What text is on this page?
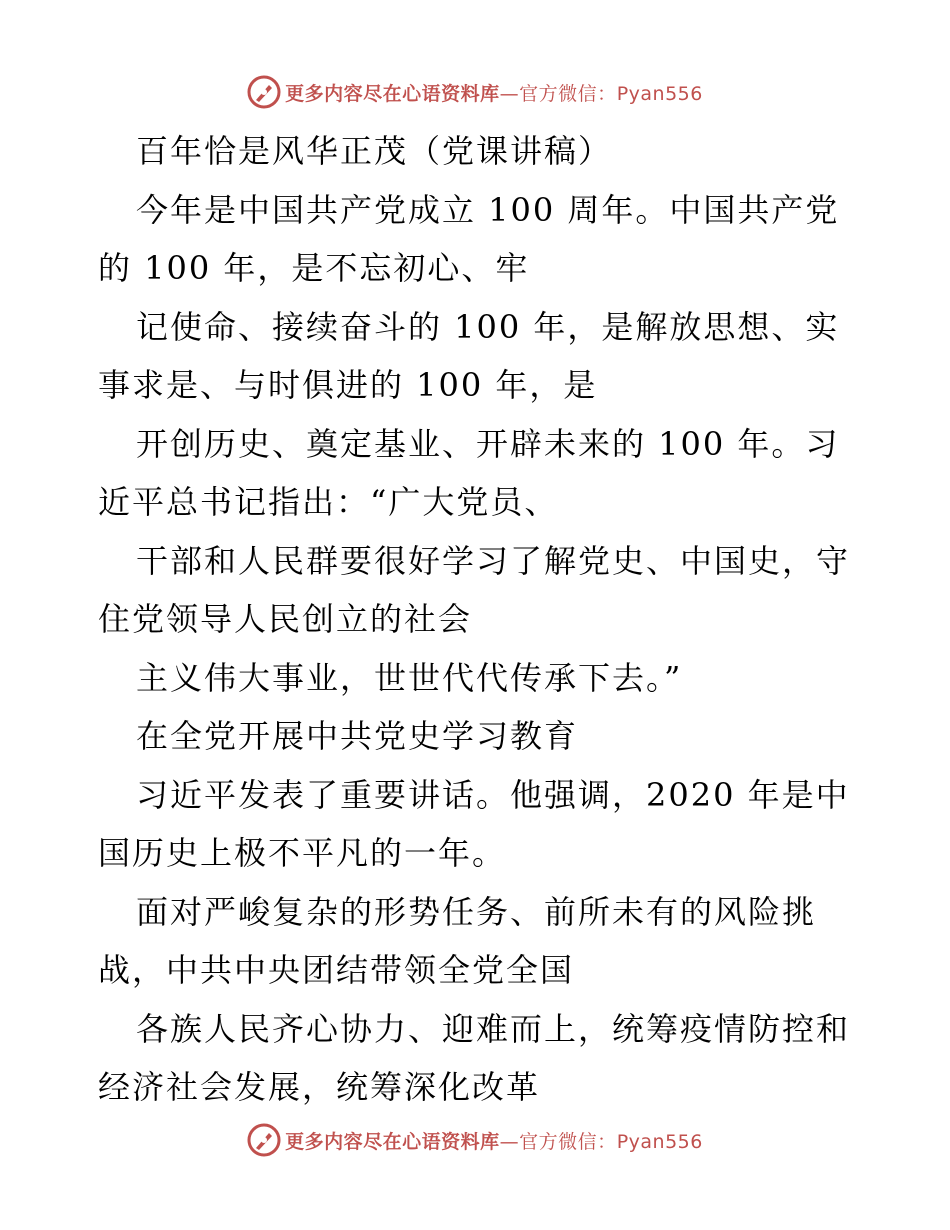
更多内容尽在心语资料库—官方微信：Pyan556
百年恰是风华正茂（党课讲稿）
今年是中国共产党成立 100 周年。中国共产党
的 100 年，是不忘初心、牢
记使命、接续奋斗的 100 年，是解放思想、实
事求是、与时俱进的 100 年，是
开创历史、奠定基业、开辟未来的 100 年。习
近平总书记指出：“广大党员、
干部和人民群要很好学习了解党史、中国史，守
住党领导人民创立的社会
主义伟大事业，世世代代传承下去。”
在全党开展中共党史学习教育
习近平发表了重要讲话。他强调，2020 年是中
国历史上极不平凡的一年。
面对严峻复杂的形势任务、前所未有的风险挑
战，中共中央团结带领全党全国
各族人民齐心协力、迎难而上，统筹疫情防控和
经济社会发展，统筹深化改革
更多内容尽在心语资料库—官方微信：Pyan556
